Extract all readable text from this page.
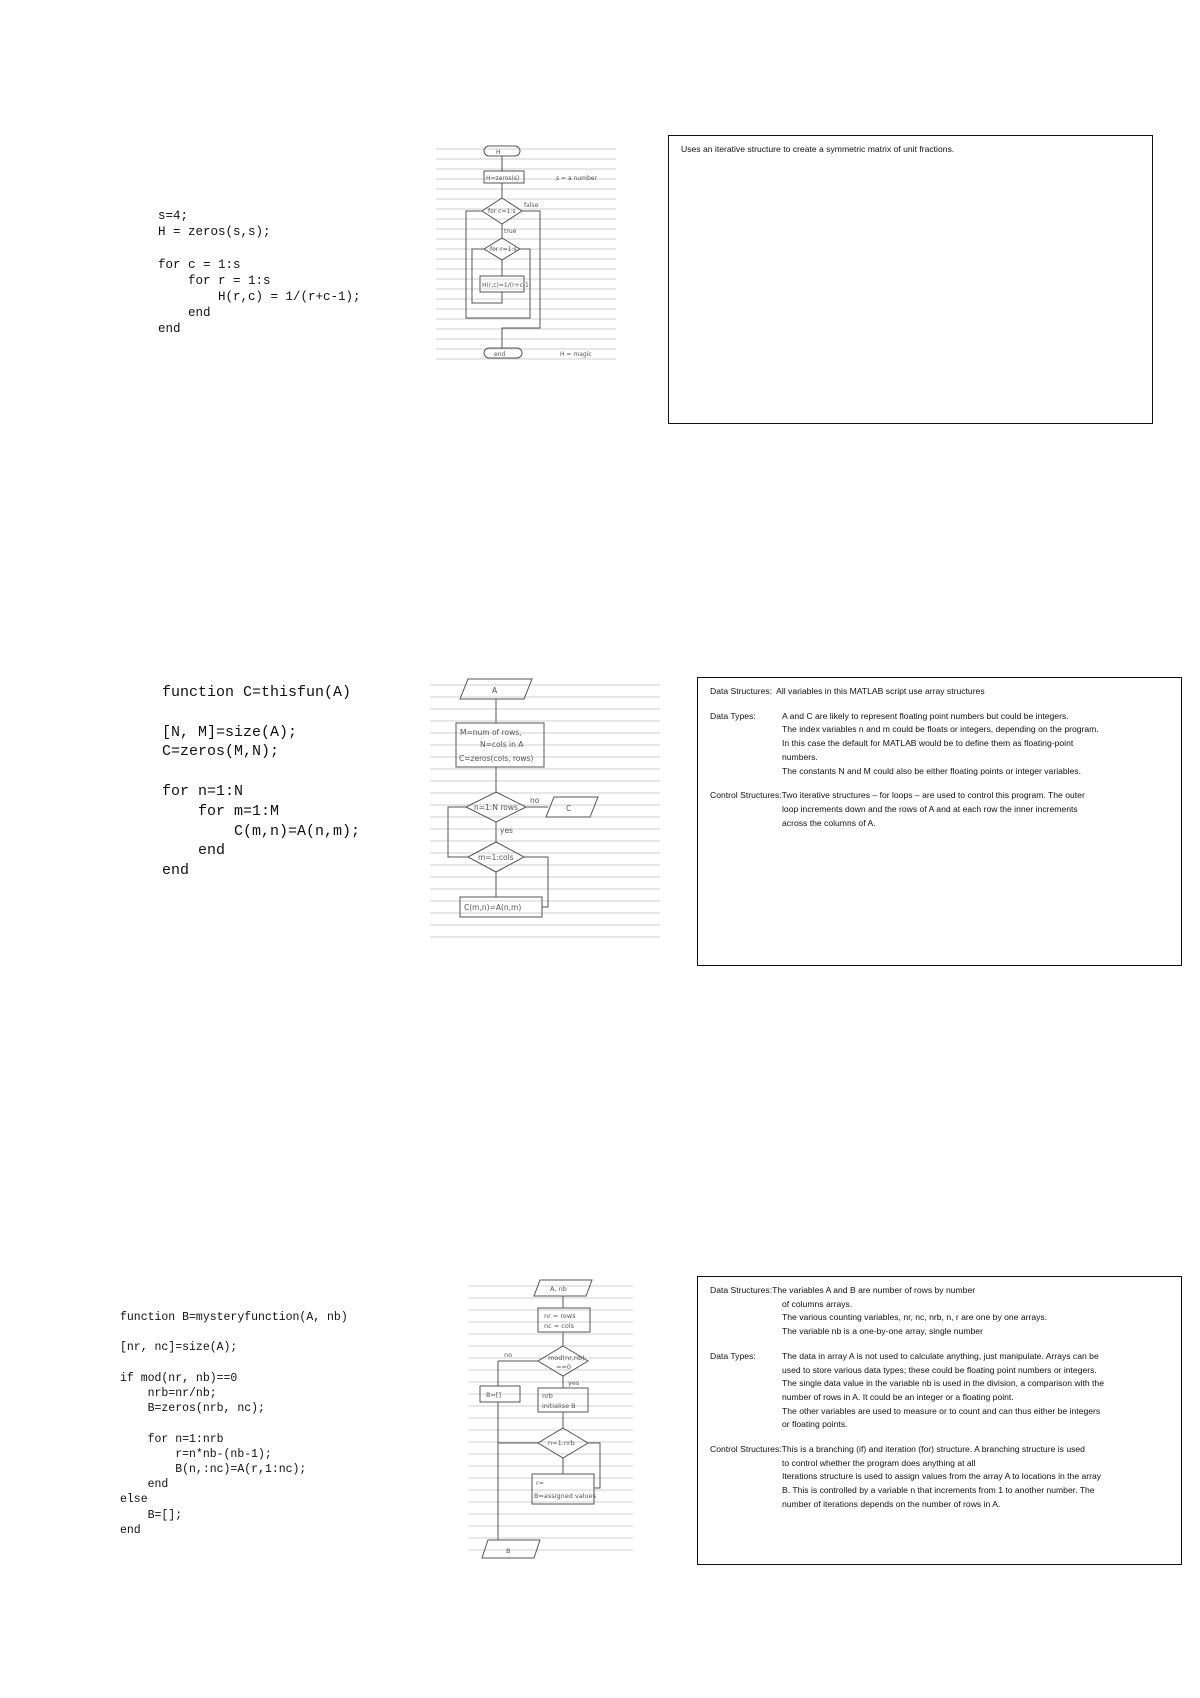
s=4;
H = zeros(s,s);
for c = 1:s
for r = 1:s
H(r,c) = 1/(r+c-1);
end
end
H
H=zeros(s)	s = a number
for c=1:s
for r=1:s
H(r,c)=1/(r+c-1)
true
false
end	H = magic
Uses an iterative structure to create a symmetric matrix of unit fractions.
function C=thisfun(A)
[N, M]=size(A);
C=zeros(M,N);
for n=1:N
for m=1:M
C(m,n)=A(n,m);
end
end
A
M=num of rows,
N=cols in A
C=zeros(cols, rows)
n=1:N rows	C
m=1:cols
C(m,n)=A(n,m)
yes
no
Data Structures: All variables in this MATLAB script use array structures
Data Types:	A and C are likely to represent floating point numbers but could be integers.
The index variables n and m could be floats or integers, depending on the program.
In this case the default for MATLAB would be to define them as floating-point
numbers.
The constants N and M could also be either floating points or integer variables.
Control Structures:Two iterative structures – for loops – are used to control this program. The outer
loop increments down and the rows of A and at each row the inner increments
across the columns of A.
function B=mysteryfunction(A, nb)
[nr, nc]=size(A);
if mod(nr, nb)==0
nrb=nr/nb;
B=zeros(nrb, nc);
for n=1:nrb
r=n*nb-(nb-1);
B(n,:nc)=A(r,1:nc);
end
else
B=[];
end
A, nb
nr = rows
nc = cols
mod(nr,nb)
==0
no
yes
B=[]	nrb
initialise B
n=1:nrb
r=
B=assigned values
B
Data Structures:The variables A and B are number of rows by number
of columns arrays.
The various counting variables, nr, nc, nrb, n, r are one by one arrays.
The variable nb is a one-by-one array, single number
Data Types:	The data in array A is not used to calculate anything, just manipulate. Arrays can be
used to store various data types; these could be floating point numbers or integers.
The single data value in the variable nb is used in the division, a comparison with the
number of rows in A. It could be an integer or a floating point.
The other variables are used to measure or to count and can thus either be integers
or floating points.
Control Structures:This is a branching (if) and iteration (for) structure. A branching structure is used
to control whether the program does anything at all
Iterations structure is used to assign values from the array A to locations in the array
B. This is controlled by a variable n that increments from 1 to another number. The
number of iterations depends on the number of rows in A.
